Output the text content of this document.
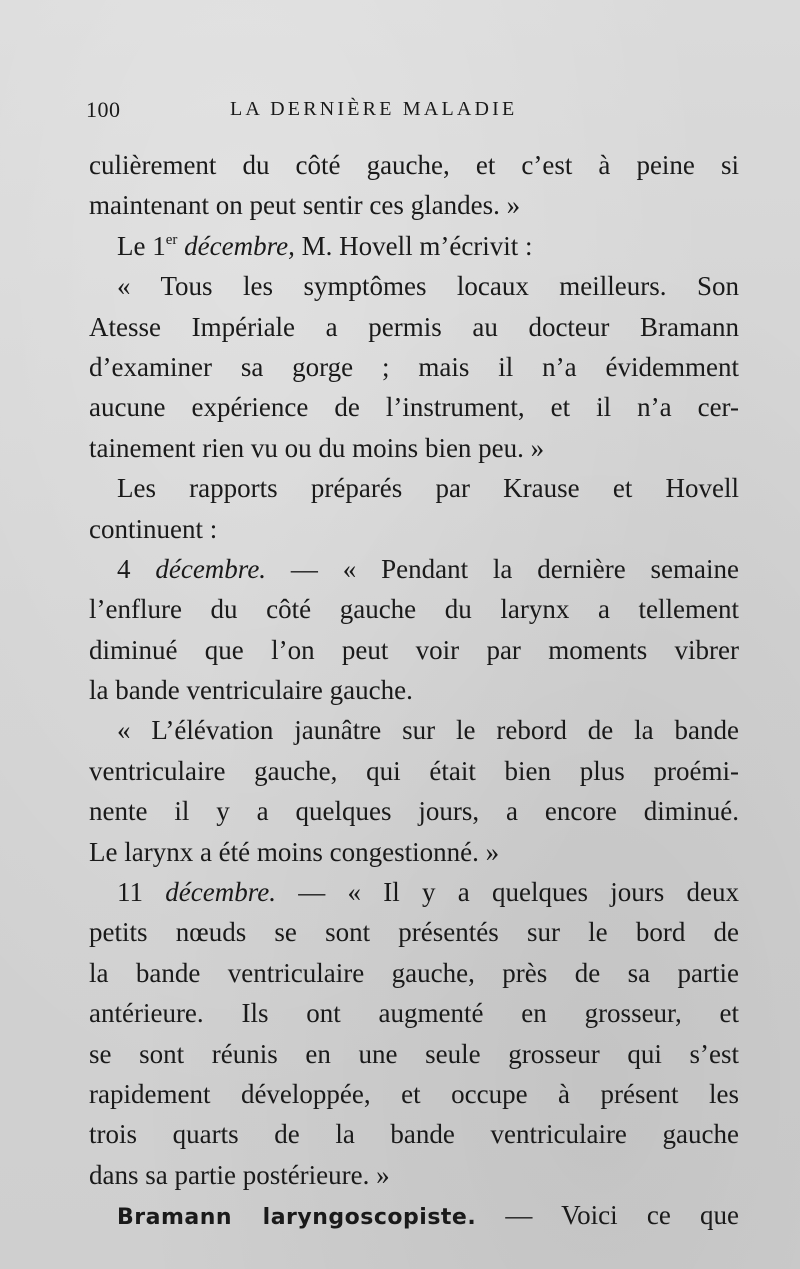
100	LA DERNIÈRE MALADIE
culièrement du côté gauche, et c’est à peine si
maintenant on peut sentir ces glandes. »
Le 1er décembre, M. Hovell m’écrivit :
« Tous les symptômes locaux meilleurs. Son
Atesse Impériale a permis au docteur Bramann
d’examiner sa gorge ; mais il n’a évidemment
aucune expérience de l’instrument, et il n’a cer-
tainement rien vu ou du moins bien peu. »
Les rapports préparés par Krause et Hovell
continuent :
4 décembre. — « Pendant la dernière semaine
l’enflure du côté gauche du larynx a tellement
diminué que l’on peut voir par moments vibrer
la bande ventriculaire gauche.
« L’élévation jaunâtre sur le rebord de la bande
ventriculaire gauche, qui était bien plus proémi-
nente il y a quelques jours, a encore diminué.
Le larynx a été moins congestionné. »
11 décembre. — « Il y a quelques jours deux
petits nœuds se sont présentés sur le bord de
la bande ventriculaire gauche, près de sa partie
antérieure. Ils ont augmenté en grosseur, et
se sont réunis en une seule grosseur qui s’est
rapidement développée, et occupe à présent les
trois quarts de la bande ventriculaire gauche
dans sa partie postérieure. »
Bramann laryngoscopiste. — Voici ce que
